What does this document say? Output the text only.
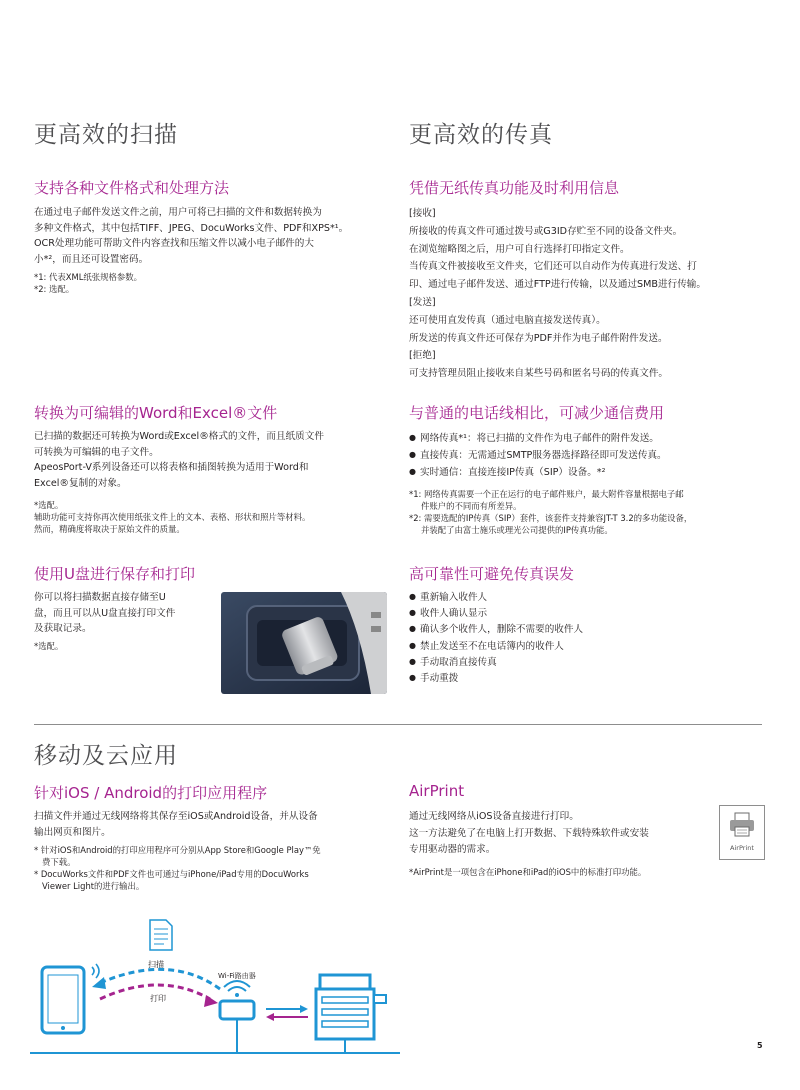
更高效的扫描
支持各种文件格式和处理方法
在通过电子邮件发送文件之前，用户可将已扫描的文件和数据转换为
多种文件格式，其中包括TIFF、JPEG、DocuWorks文件、PDF和XPS*¹。
OCR处理功能可帮助文件内容查找和压缩文件以减小电子邮件的大
小*²，而且还可设置密码。
*1: 代表XML纸张规格参数。
*2: 选配。
转换为可编辑的Word和Excel®文件
已扫描的数据还可转换为Word或Excel®格式的文件，而且纸质文件
可转换为可编辑的电子文件。
ApeosPort-V系列设备还可以将表格和插图转换为适用于Word和
Excel®复制的对象。
*选配。
辅助功能可支持你再次使用纸张文件上的文本、表格、形状和照片等材料。
然而，精确度将取决于原始文件的质量。
使用U盘进行保存和打印
你可以将扫描数据直接存储至U
盘，而且可以从U盘直接打印文件
及获取记录。
*选配。
更高效的传真
凭借无纸传真功能及时利用信息
[接收]
所接收的传真文件可通过拨号或G3ID存贮至不同的设备文件夹。
在浏览缩略图之后，用户可自行选择打印指定文件。
当传真文件被接收至文件夹，它们还可以自动作为传真进行发送、打
印、通过电子邮件发送、通过FTP进行传输，以及通过SMB进行传输。
[发送]
还可使用直发传真（通过电脑直接发送传真）。
所发送的传真文件还可保存为PDF并作为电子邮件附件发送。
[拒绝]
可支持管理员阻止接收来自某些号码和匿名号码的传真文件。
与普通的电话线相比，可减少通信费用
● 网络传真*¹：将已扫描的文件作为电子邮件的附件发送。
● 直接传真：无需通过SMTP服务器选择路径即可发送传真。
● 实时通信：直接连接IP传真（SIP）设备。*²
*1: 网络传真需要一个正在运行的电子邮件账户，最大附件容量根据电子邮
件账户的不同而有所差异。
*2: 需要选配的IP传真（SIP）套件，该套件支持兼容JT-T 3.2的多功能设备，
并装配了由富士施乐或理光公司提供的IP传真功能。
高可靠性可避免传真误发
● 重新输入收件人
● 收件人确认显示
● 确认多个收件人，删除不需要的收件人
● 禁止发送至不在电话簿内的收件人
● 手动取消直接传真
● 手动重拨
移动及云应用
针对iOS / Android的打印应用程序
扫描文件并通过无线网络将其保存至iOS或Android设备，并从设备
输出网页和图片。
* 针对iOS和Android的打印应用程序可分别从App Store和Google Play™免
费下载。
* DocuWorks文件和PDF文件也可通过与iPhone/iPad专用的DocuWorks
Viewer Light的进行输出。
AirPrint
通过无线网络从iOS设备直接进行打印。
这一方法避免了在电脑上打开数据、下载特殊软件或安装
专用驱动器的需求。
*AirPrint是一项包含在iPhone和iPad的iOS中的标准打印功能。
AirPrint
扫描
打印
Wi-Fi路由器
5
